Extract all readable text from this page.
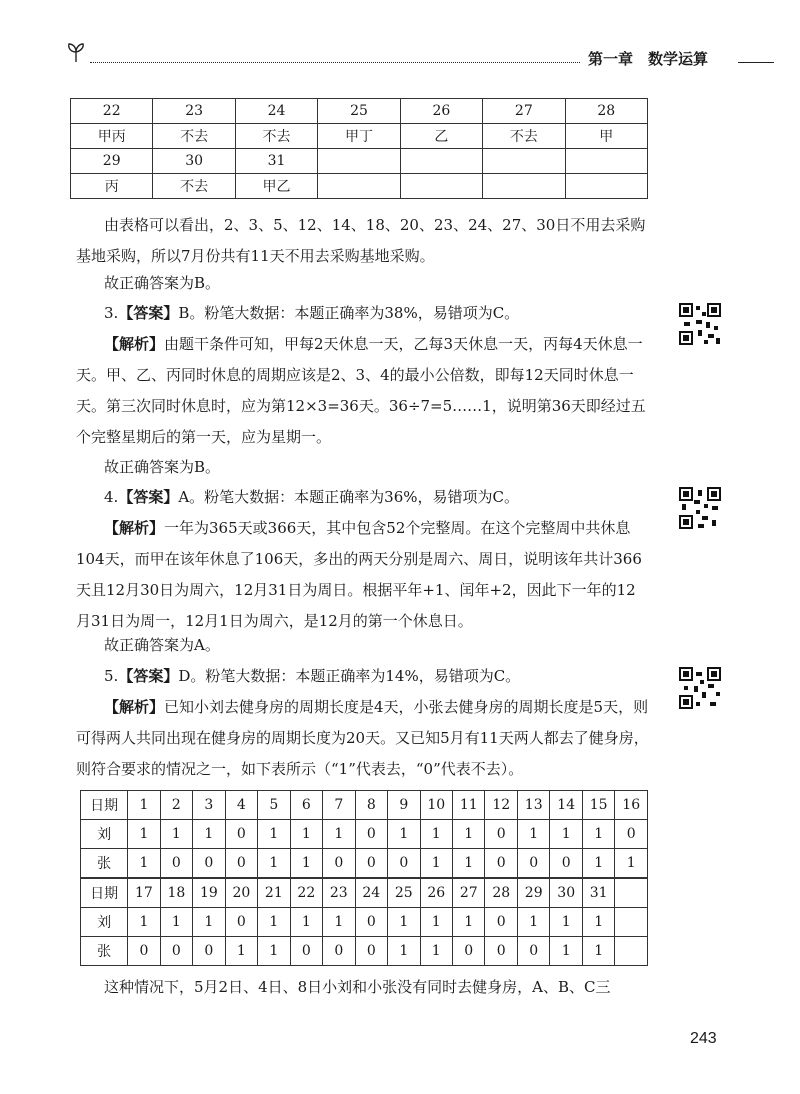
第一章　数学运算
22	23	24	25	26	27	28
甲丙	不去	不去	甲丁	乙	不去	甲
29	30	31				
丙	不去	甲乙				
由表格可以看出，2、3、5、12、14、18、20、23、24、27、30日不用去采购基地采购，所以7月份共有11天不用去采购基地采购。
故正确答案为B。
3.【答案】B。粉笔大数据：本题正确率为38%，易错项为C。
【解析】由题干条件可知，甲每2天休息一天，乙每3天休息一天，丙每4天休息一天。甲、乙、丙同时休息的周期应该是2、3、4的最小公倍数，即每12天同时休息一天。第三次同时休息时，应为第12×3=36天。36÷7=5……1，说明第36天即经过五个完整星期后的第一天，应为星期一。
故正确答案为B。
4.【答案】A。粉笔大数据：本题正确率为36%，易错项为C。
【解析】一年为365天或366天，其中包含52个完整周。在这个完整周中共休息104天，而甲在该年休息了106天，多出的两天分别是周六、周日，说明该年共计366天且12月30日为周六，12月31日为周日。根据平年+1、闰年+2，因此下一年的12月31日为周一，12月1日为周六，是12月的第一个休息日。
故正确答案为A。
5.【答案】D。粉笔大数据：本题正确率为14%，易错项为C。
【解析】已知小刘去健身房的周期长度是4天，小张去健身房的周期长度是5天，则可得两人共同出现在健身房的周期长度为20天。又已知5月有11天两人都去了健身房，则符合要求的情况之一，如下表所示（“1”代表去，“0”代表不去）。
日期	1	2	3	4	5	6	7	8	9	10	11	12	13	14	15	16
刘	1	1	1	0	1	1	1	0	1	1	1	0	1	1	1	0
张	1	0	0	0	1	1	0	0	0	1	1	0	0	0	1	1
日期	17	18	19	20	21	22	23	24	25	26	27	28	29	30	31	
刘	1	1	1	0	1	1	1	0	1	1	1	0	1	1	1	
张	0	0	0	1	1	0	0	0	1	1	0	0	0	1	1	
这种情况下，5月2日、4日、8日小刘和小张没有同时去健身房，A、B、C三
243
